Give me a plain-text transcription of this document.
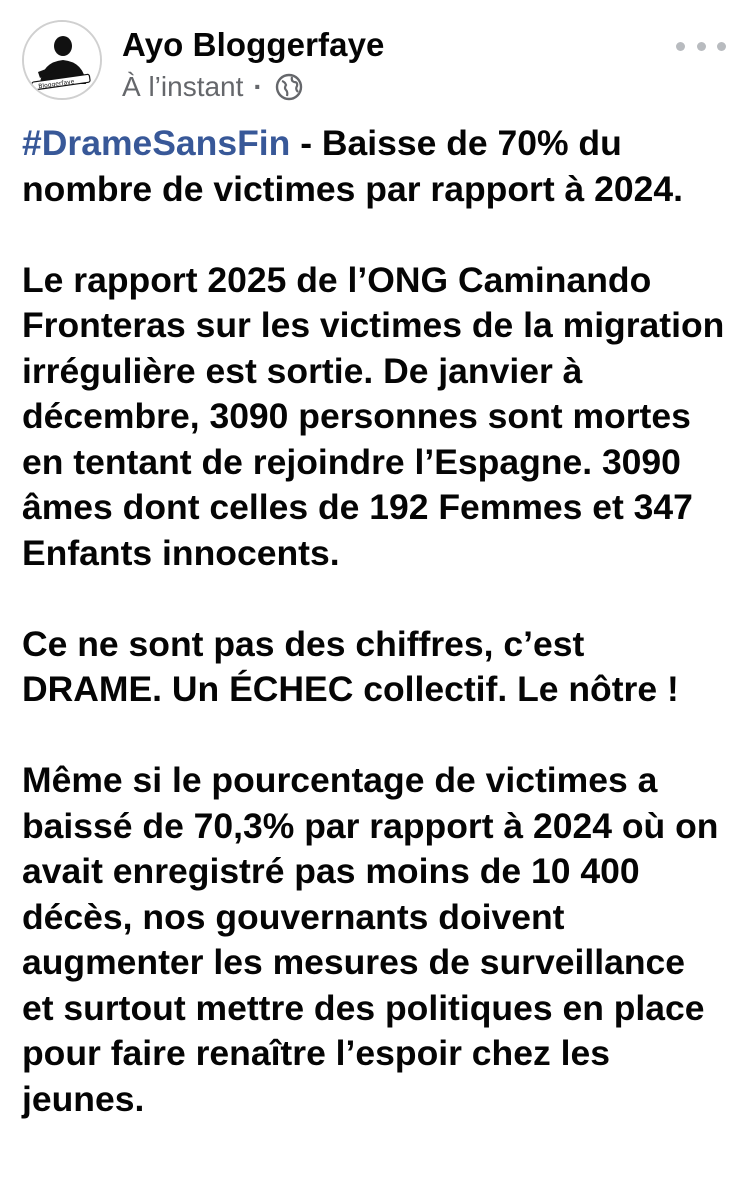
Bloggerfaye
Ayo Bloggerfaye
À l’instant ·

#DrameSansFin - Baisse de 70% du nombre de victimes par rapport à 2024.

Le rapport 2025 de l’ONG Caminando Fronteras sur les victimes de la migration irrégulière est sortie. De janvier à décembre, 3090 personnes sont mortes en tentant de rejoindre l’Espagne. 3090 âmes dont celles de 192 Femmes et 347 Enfants innocents.

Ce ne sont pas des chiffres, c’est DRAME. Un ÉCHEC collectif. Le nôtre !

Même si le pourcentage de victimes a baissé de 70,3% par rapport à 2024 où on avait enregistré pas moins de 10 400 décès, nos gouvernants doivent augmenter les mesures de surveillance et surtout mettre des politiques en place pour faire renaître l’espoir chez les jeunes.
